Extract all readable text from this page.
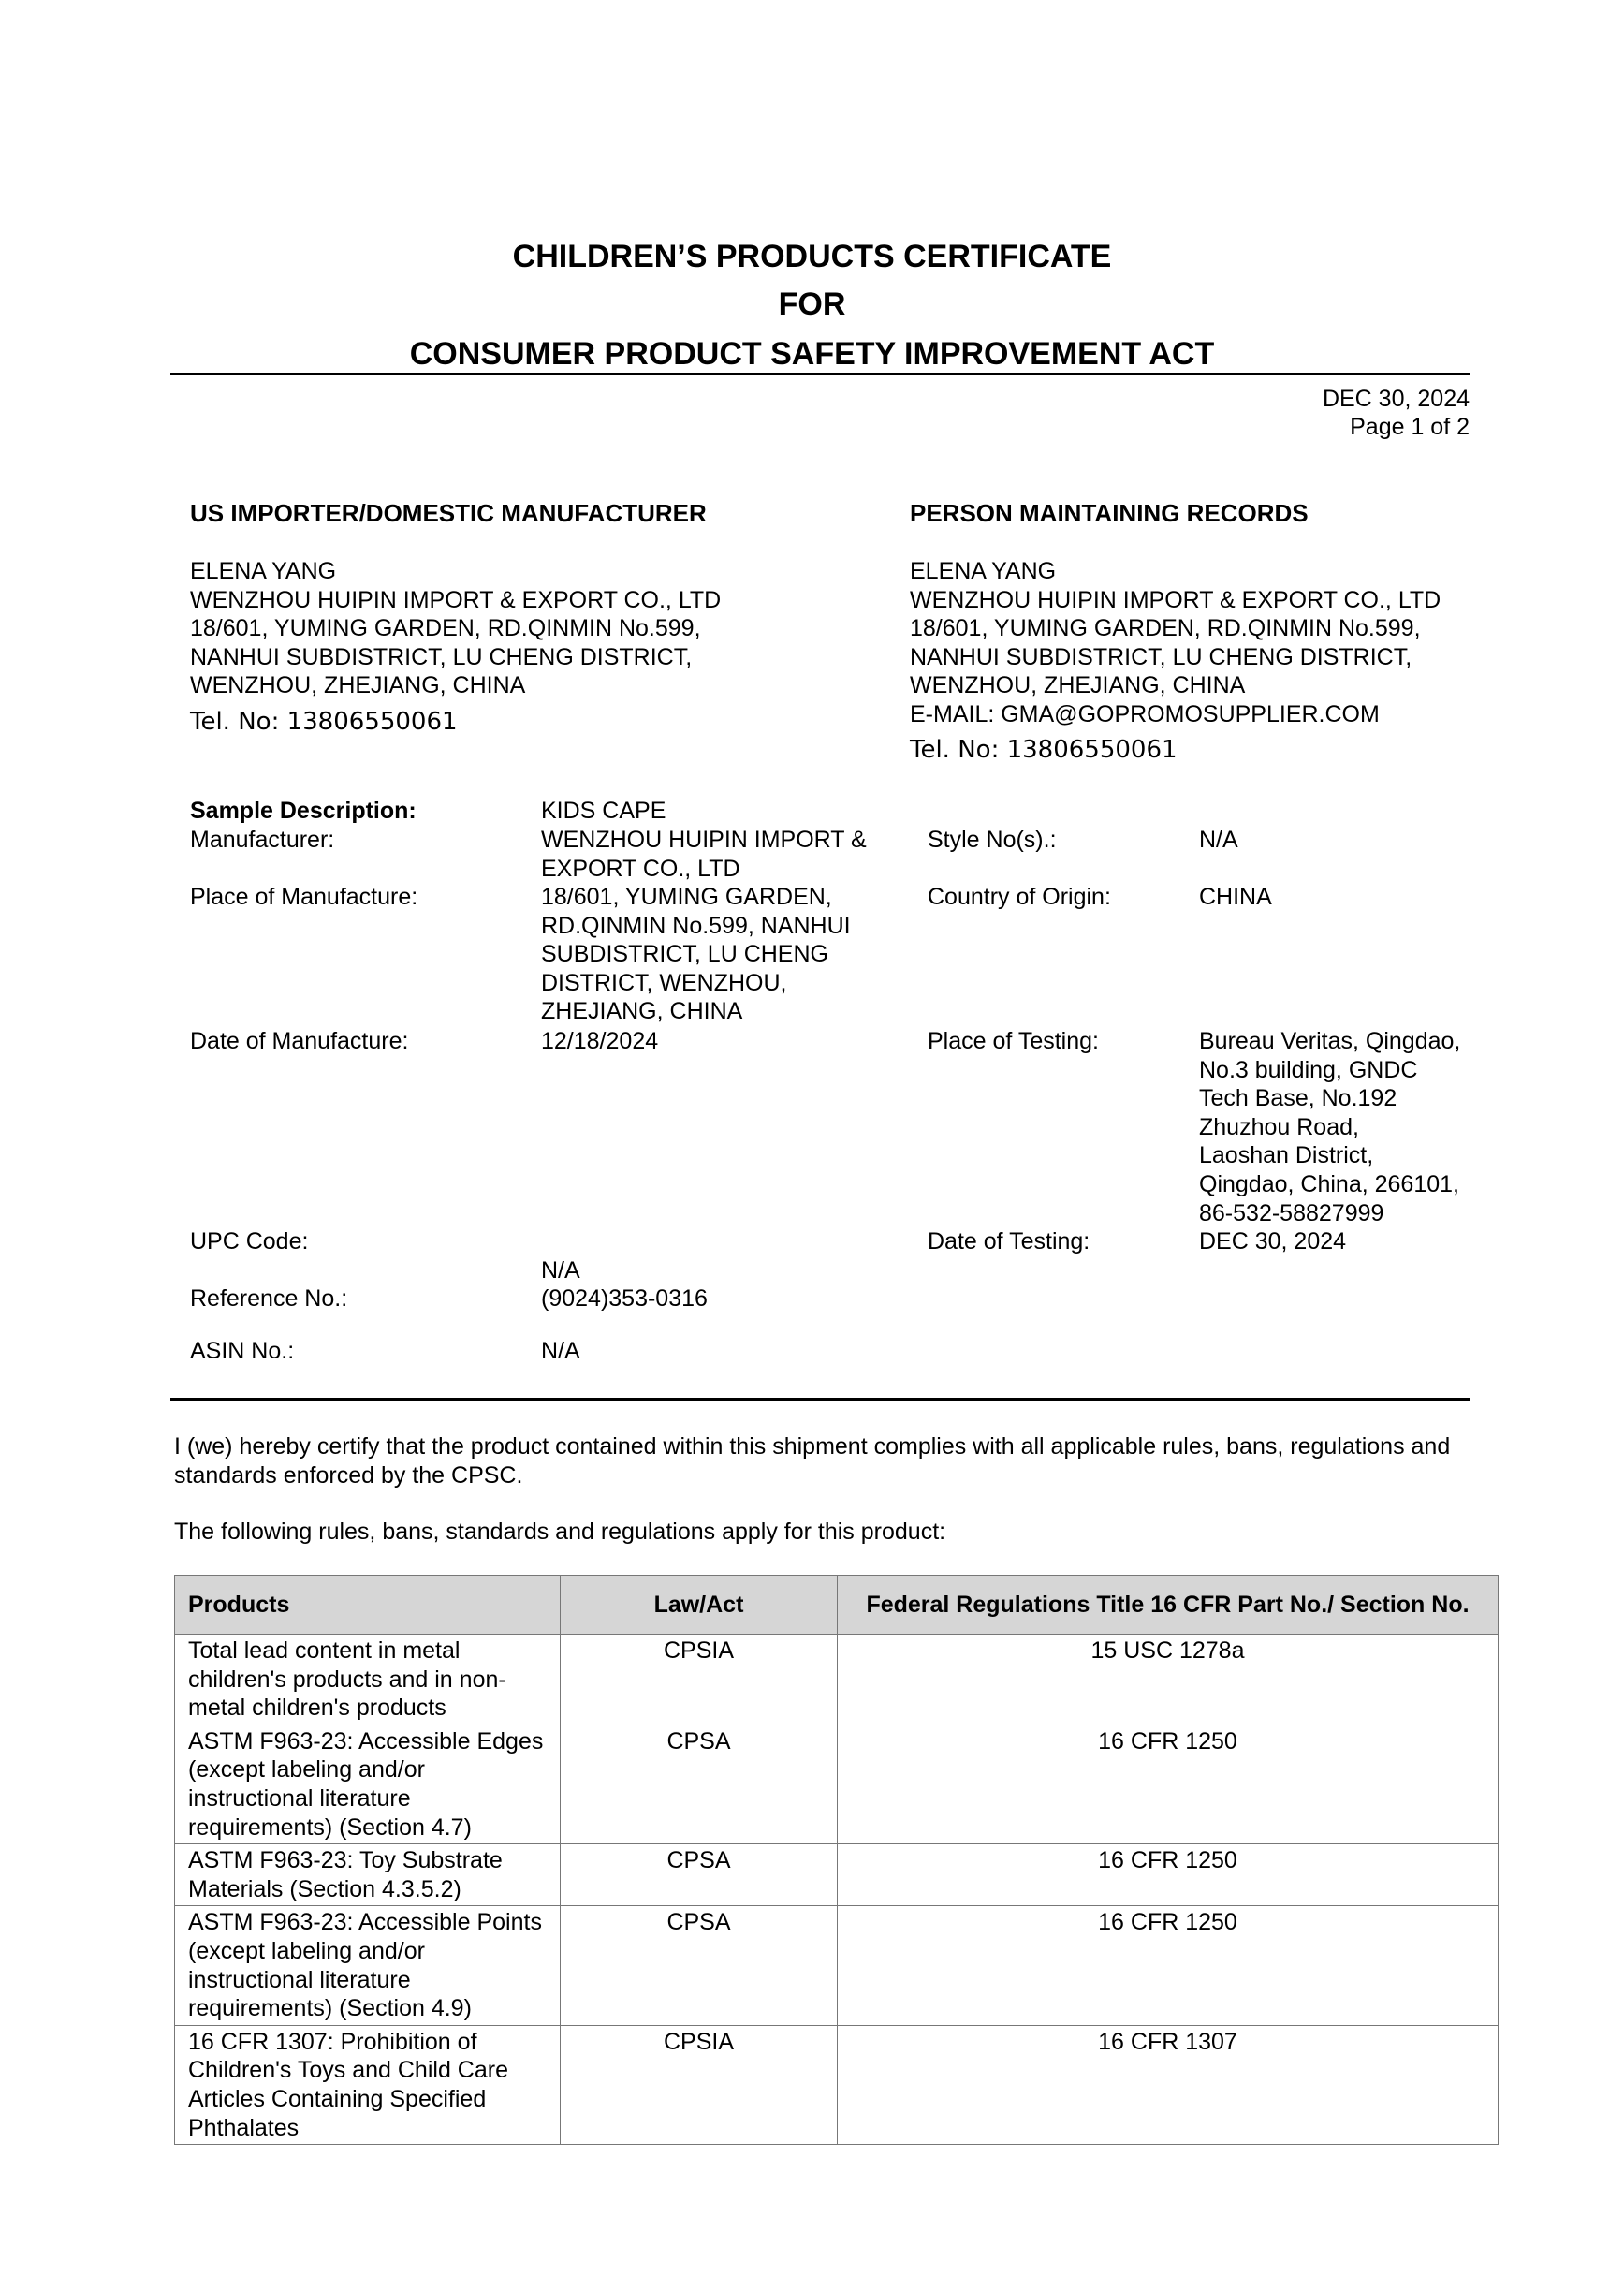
CHILDREN’S PRODUCTS CERTIFICATE
FOR
CONSUMER PRODUCT SAFETY IMPROVEMENT ACT
DEC 30, 2024
Page 1 of 2
US IMPORTER/DOMESTIC MANUFACTURER
ELENA YANG
WENZHOU HUIPIN IMPORT & EXPORT CO., LTD
18/601, YUMING GARDEN, RD.QINMIN No.599,
NANHUI SUBDISTRICT, LU CHENG DISTRICT,
WENZHOU, ZHEJIANG, CHINA
Tel. No: 13806550061
PERSON MAINTAINING RECORDS
ELENA YANG
WENZHOU HUIPIN IMPORT & EXPORT CO., LTD
18/601, YUMING GARDEN, RD.QINMIN No.599,
NANHUI SUBDISTRICT, LU CHENG DISTRICT,
WENZHOU, ZHEJIANG, CHINA
E-MAIL: GMA@GOPROMOSUPPLIER.COM
Tel. No: 13806550061
Sample Description:	KIDS CAPE
Manufacturer:	WENZHOU HUIPIN IMPORT &
EXPORT CO., LTD
Place of Manufacture:	18/601, YUMING GARDEN,
RD.QINMIN No.599, NANHUI
SUBDISTRICT, LU CHENG
DISTRICT, WENZHOU,
ZHEJIANG, CHINA
Date of Manufacture:	12/18/2024
UPC Code:
N/A
Reference No.:	(9024)353-0316
ASIN No.:	N/A
Style No(s).:	N/A
Country of Origin:	CHINA
Place of Testing:	Bureau Veritas, Qingdao,
No.3 building, GNDC
Tech Base, No.192
Zhuzhou Road,
Laoshan District,
Qingdao, China, 266101,
86-532-58827999
Date of Testing:	DEC 30, 2024
I (we) hereby certify that the product contained within this shipment complies with all applicable rules, bans, regulations and standards enforced by the CPSC.
The following rules, bans, standards and regulations apply for this product:
Products	Law/Act	Federal Regulations Title 16 CFR Part No./ Section No.
Total lead content in metal children's products and in non-metal children's products	CPSIA	15 USC 1278a
ASTM F963-23: Accessible Edges (except labeling and/or instructional literature requirements) (Section 4.7)	CPSA	16 CFR 1250
ASTM F963-23: Toy Substrate Materials (Section 4.3.5.2)	CPSA	16 CFR 1250
ASTM F963-23: Accessible Points (except labeling and/or instructional literature requirements) (Section 4.9)	CPSA	16 CFR 1250
16 CFR 1307: Prohibition of Children's Toys and Child Care Articles Containing Specified Phthalates	CPSIA	16 CFR 1307
